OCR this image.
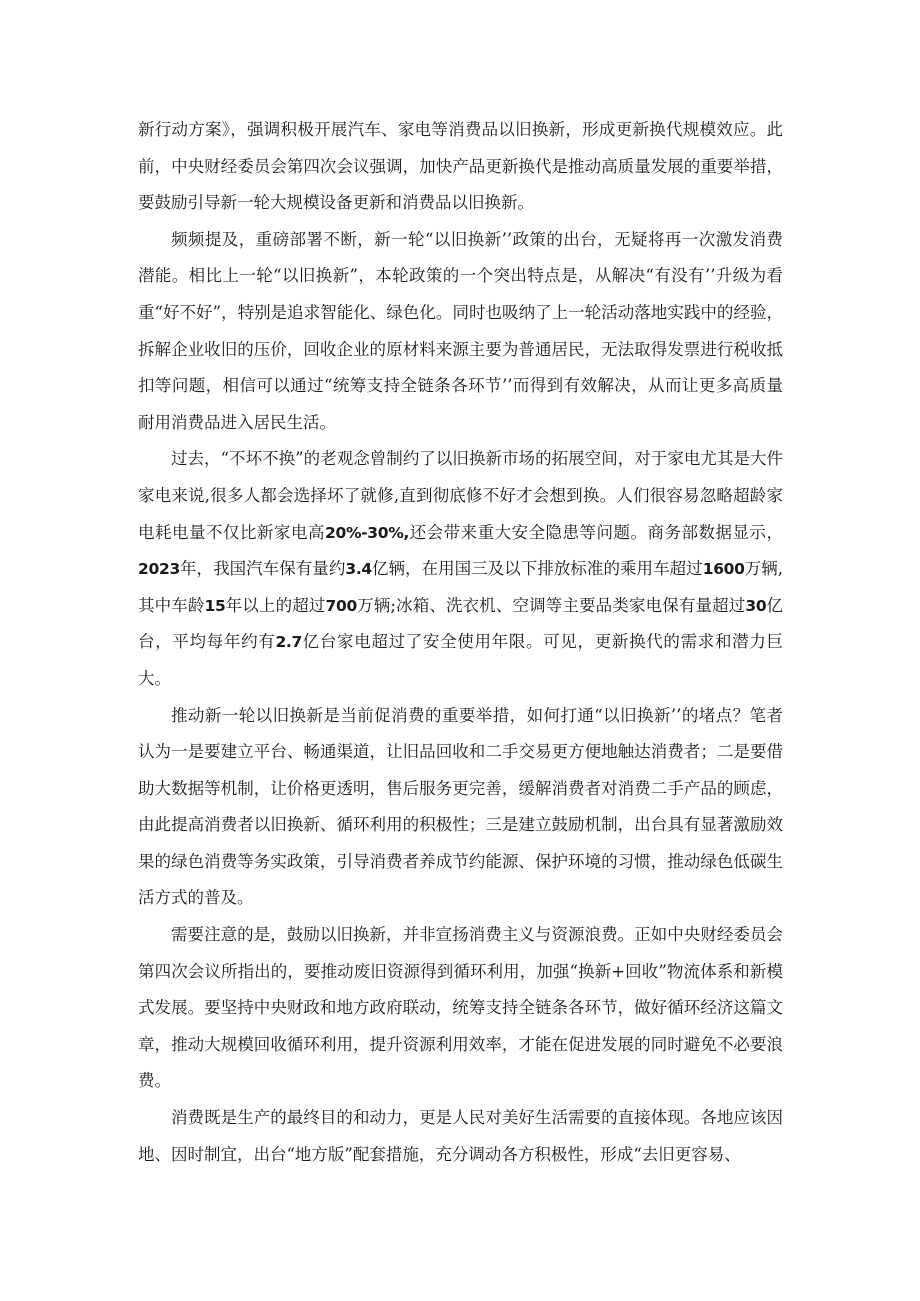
新行动方案》，强调积极开展汽车、家电等消费品以旧换新，形成更新换代规模效应。此前，中央财经委员会第四次会议强调，加快产品更新换代是推动高质量发展的重要举措，要鼓励引导新一轮大规模设备更新和消费品以旧换新。

频频提及，重磅部署不断，新一轮“以旧换新’’政策的出台，无疑将再一次激发消费潜能。相比上一轮“以旧换新”，本轮政策的一个突出特点是，从解决“有没有’’升级为看重“好不好”，特别是追求智能化、绿色化。同时也吸纳了上一轮活动落地实践中的经验，拆解企业收旧的压价，回收企业的原材料来源主要为普通居民，无法取得发票进行税收抵扣等问题，相信可以通过“统筹支持全链条各环节’’而得到有效解决，从而让更多高质量耐用消费品进入居民生活。

过去，“不坏不换”的老观念曾制约了以旧换新市场的拓展空间，对于家电尤其是大件家电来说,很多人都会选择坏了就修,直到彻底修不好才会想到换。人们很容易忽略超龄家电耗电量不仅比新家电高20%-30%,还会带来重大安全隐患等问题。商务部数据显示，2023年，我国汽车保有量约3.4亿辆，在用国三及以下排放标准的乘用车超过1600万辆,其中车龄15年以上的超过700万辆;冰箱、洗衣机、空调等主要品类家电保有量超过30亿台，平均每年约有2.7亿台家电超过了安全使用年限。可见，更新换代的需求和潜力巨大。

推动新一轮以旧换新是当前促消费的重要举措，如何打通“以旧换新’’的堵点？笔者认为一是要建立平台、畅通渠道，让旧品回收和二手交易更方便地触达消费者；二是要借助大数据等机制，让价格更透明，售后服务更完善，缓解消费者对消费二手产品的顾虑，由此提高消费者以旧换新、循环利用的积极性；三是建立鼓励机制，出台具有显著激励效果的绿色消费等务实政策，引导消费者养成节约能源、保护环境的习惯，推动绿色低碳生活方式的普及。

需要注意的是，鼓励以旧换新，并非宣扬消费主义与资源浪费。正如中央财经委员会第四次会议所指出的，要推动废旧资源得到循环利用，加强“换新+回收”物流体系和新模式发展。要坚持中央财政和地方政府联动，统筹支持全链条各环节，做好循环经济这篇文章，推动大规模回收循环利用，提升资源利用效率，才能在促进发展的同时避免不必要浪费。

消费既是生产的最终目的和动力，更是人民对美好生活需要的直接体现。各地应该因地、因时制宜，出台“地方版”配套措施，充分调动各方积极性，形成“去旧更容易、
